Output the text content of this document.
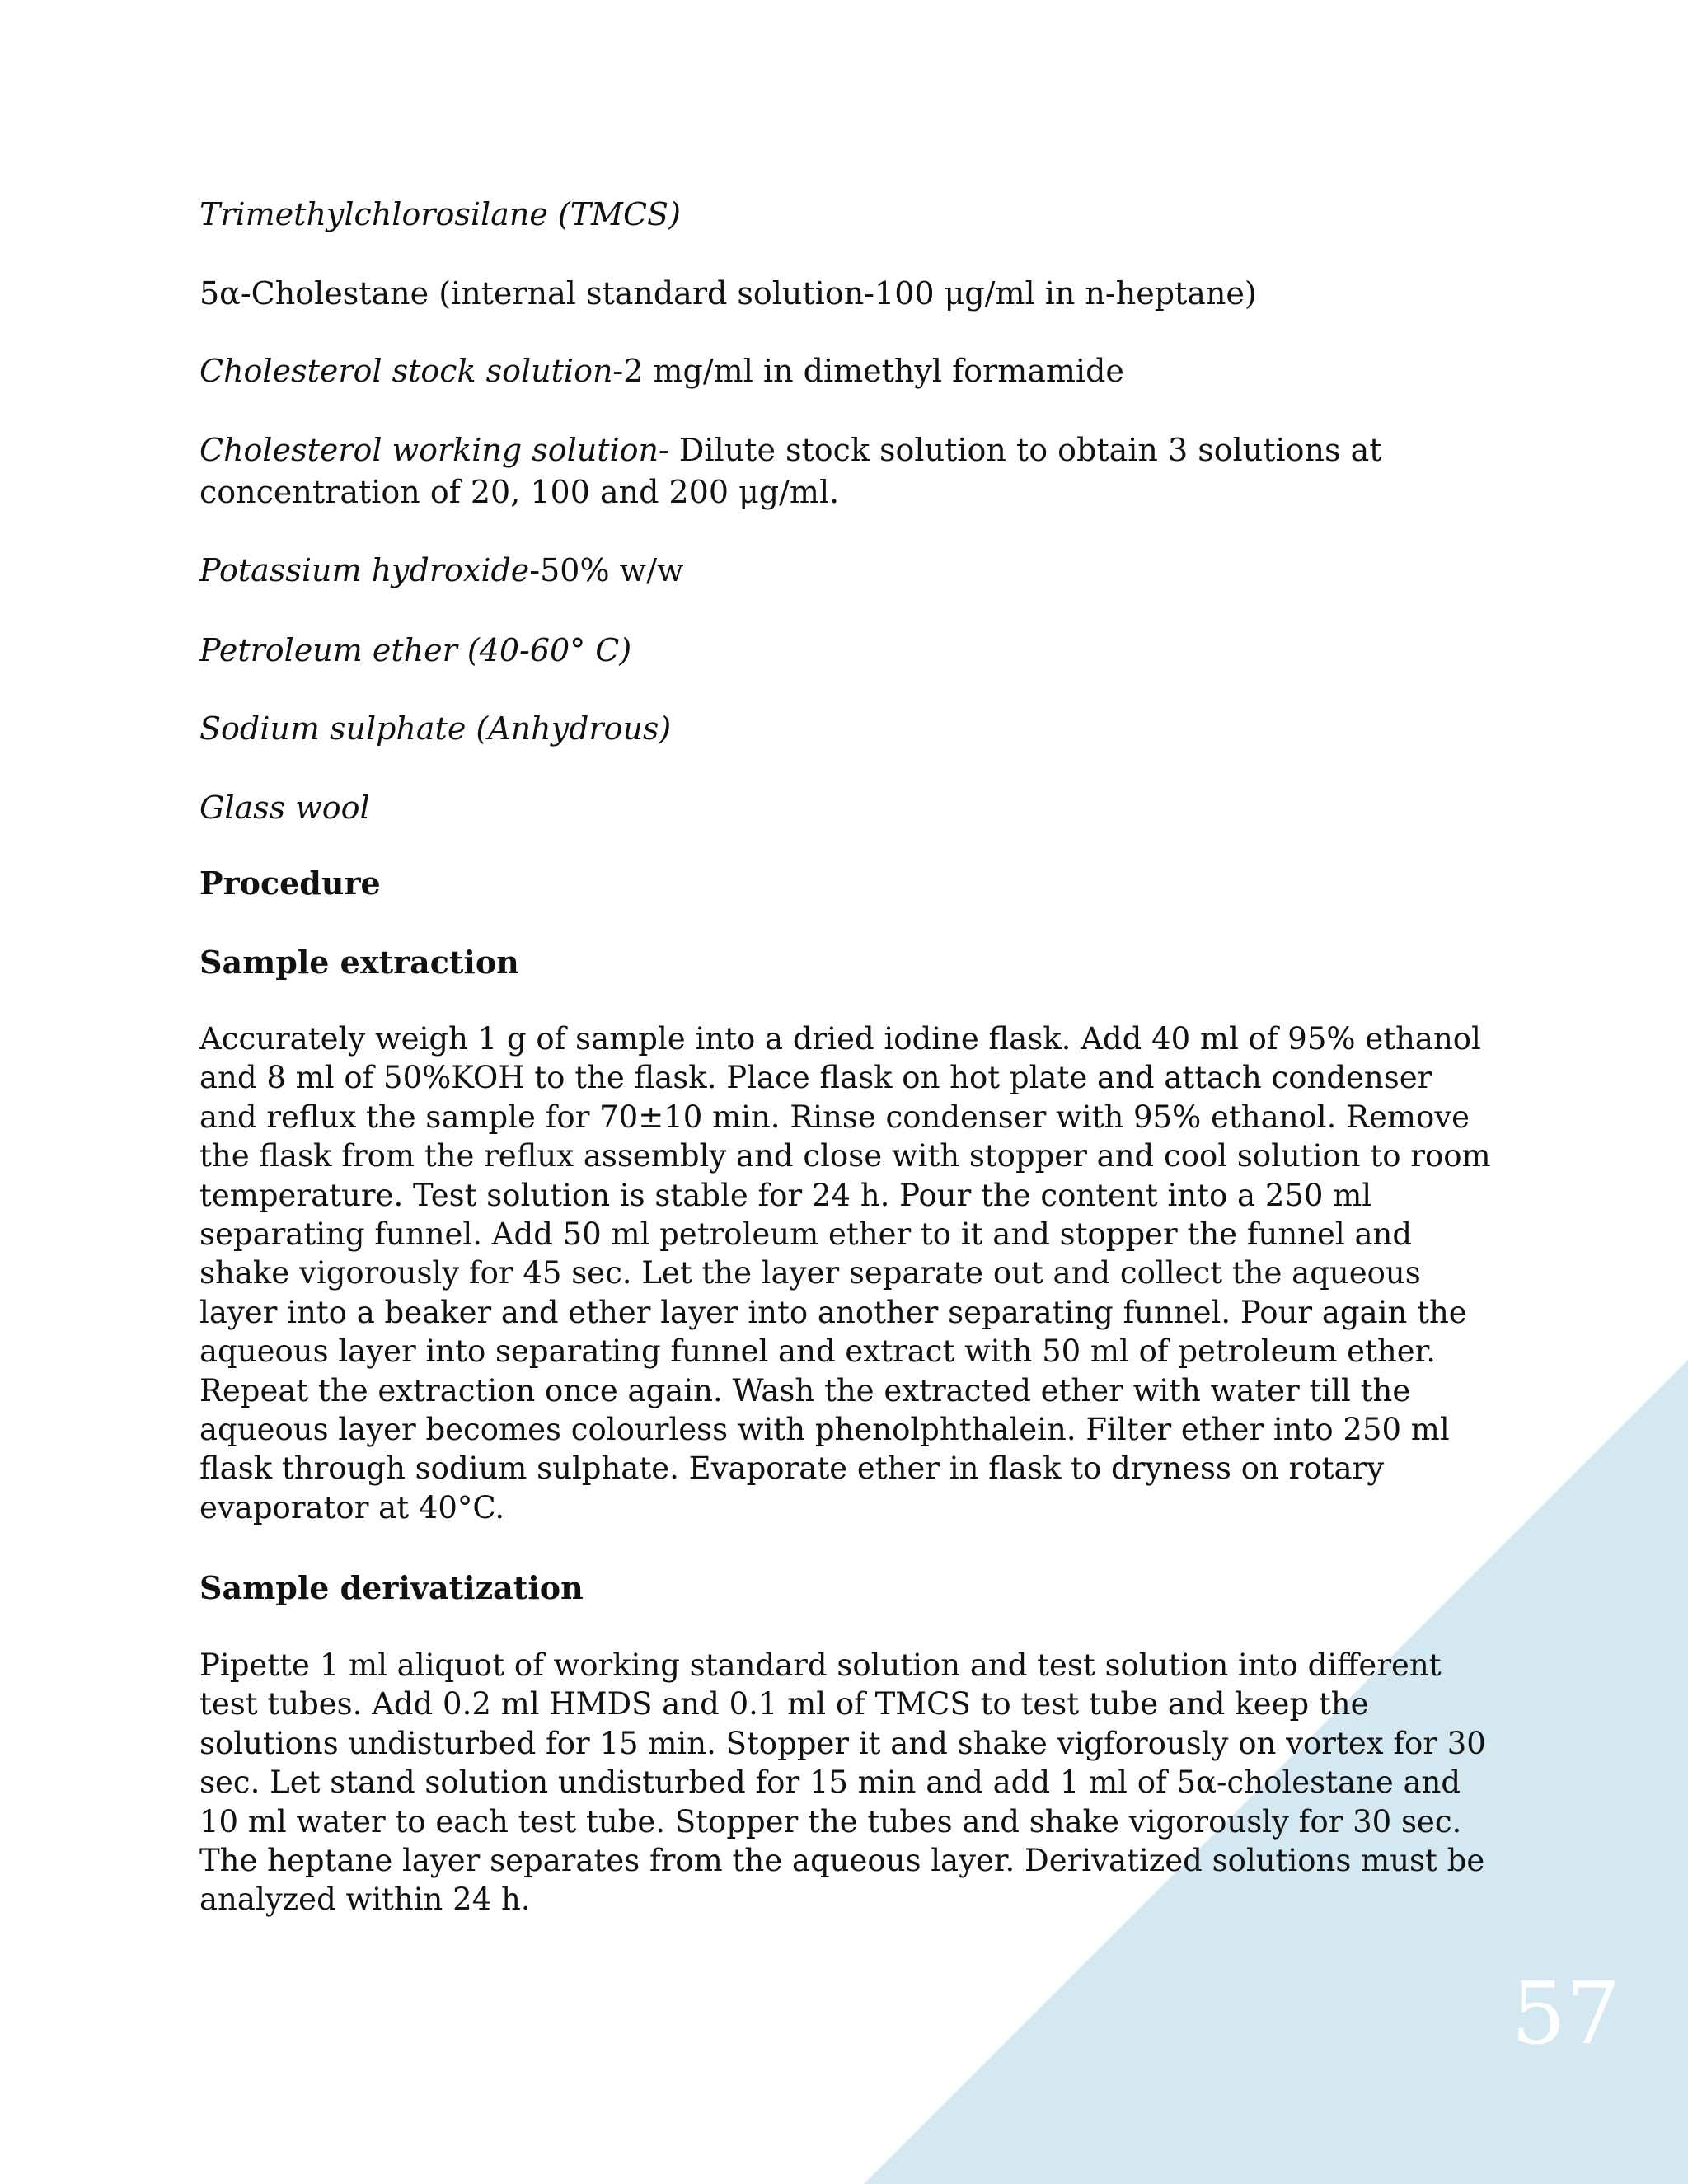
57
Trimethylchlorosilane (TMCS)
5α-Cholestane (internal standard solution-100 μg/ml in n-heptane)
Cholesterol stock solution-2 mg/ml in dimethyl formamide
Cholesterol working solution- Dilute stock solution to obtain 3 solutions at
concentration of 20, 100 and 200 μg/ml.
Potassium hydroxide-50% w/w
Petroleum ether (40-60° C)
Sodium sulphate (Anhydrous)
Glass wool
Procedure
Sample extraction
Accurately weigh 1 g of sample into a dried iodine flask. Add 40 ml of 95% ethanol
and 8 ml of 50%KOH to the flask. Place flask on hot plate and attach condenser
and reflux the sample for 70±10 min. Rinse condenser with 95% ethanol. Remove
the flask from the reflux assembly and close with stopper and cool solution to room
temperature. Test solution is stable for 24 h. Pour the content into a 250 ml
separating funnel. Add 50 ml petroleum ether to it and stopper the funnel and
shake vigorously for 45 sec. Let the layer separate out and collect the aqueous
layer into a beaker and ether layer into another separating funnel. Pour again the
aqueous layer into separating funnel and extract with 50 ml of petroleum ether.
Repeat the extraction once again. Wash the extracted ether with water till the
aqueous layer becomes colourless with phenolphthalein. Filter ether into 250 ml
flask through sodium sulphate. Evaporate ether in flask to dryness on rotary
evaporator at 40°C.
Sample derivatization
Pipette 1 ml aliquot of working standard solution and test solution into different
test tubes. Add 0.2 ml HMDS and 0.1 ml of TMCS to test tube and keep the
solutions undisturbed for 15 min. Stopper it and shake vigforously on vortex for 30
sec. Let stand solution undisturbed for 15 min and add 1 ml of 5α-cholestane and
10 ml water to each test tube. Stopper the tubes and shake vigorously for 30 sec.
The heptane layer separates from the aqueous layer. Derivatized solutions must be
analyzed within 24 h.
